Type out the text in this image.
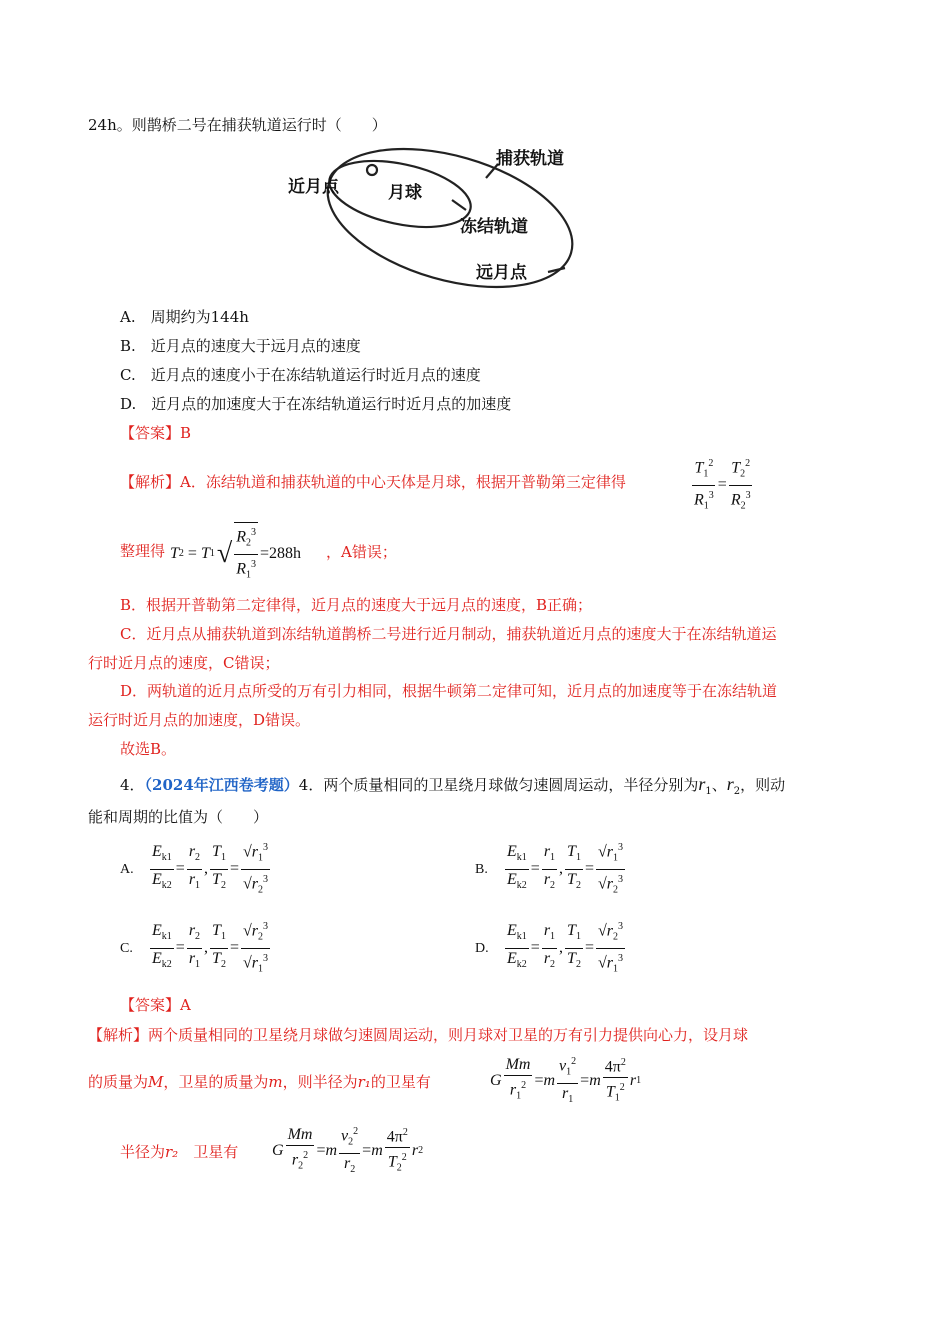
24h。则鹊桥二号在捕获轨道运行时（　　）
近月点	月球
捕获轨道
冻结轨道
远月点
A.　周期约为144h
B.　近月点的速度大于远月点的速度
C.　近月点的速度小于在冻结轨道运行时近月点的速度
D.　近月点的加速度大于在冻结轨道运行时近月点的加速度
【答案】B
【解析】A．冻结轨道和捕获轨道的中心天体是月球，根据开普勒第三定律得	$\frac{T_1^2}{R_1^3} = \frac{T_2^2}{R_2^3}$
整理得 T 2 = T 1 √ $\frac{R_2^3}{R_1^3} =288h$ ，A错误；
B．根据开普勒第二定律得，近月点的速度大于远月点的速度，B正确；
C．近月点从捕获轨道到冻结轨道鹊桥二号进行近月制动，捕获轨道近月点的速度大于在冻结轨道运
行时近月点的速度，C错误；
D．两轨道的近月点所受的万有引力相同，根据牛顿第二定律可知，近月点的加速度等于在冻结轨道
运行时近月点的加速度，D错误。
故选B。
4．（2024年江西卷考题）4．两个质量相同的卫星绕月球做匀速圆周运动，半径分别为$r_1$、$r_2$，则动
能和周期的比值为（　　）
A. $\frac{E_{k1}}{E_{k2}} = \frac{r_2}{r_1}$ , $\frac{T_1}{T_2} = \frac{√r_1^3}{√r_2^3}$	B. $\frac{E_{k1}}{E_{k2}} = \frac{r_1}{r_2}$ , $\frac{T_1}{T_2} = \frac{√r_1^3}{√r_2^3}$
C. $\frac{E_{k1}}{E_{k2}} = \frac{r_2}{r_1}$ , $\frac{T_1}{T_2} = \frac{√r_2^3}{√r_1^3}$	D. $\frac{E_{k1}}{E_{k2}} = \frac{r_1}{r_2}$ , $\frac{T_1}{T_2} = \frac{√r_2^3}{√r_1^3}$
【答案】A
【解析】两个质量相同的卫星绕月球做匀速圆周运动，则月球对卫星的万有引力提供向心力，设月球
的质量为M，卫星的质量为m，则半径为r₁的卫星有	G $\frac{Mm}{r_1^2} = m \frac{v_1^2}{r_1} = m \frac{4\pi^2}{T_1^2}$ r 1
半径为r₂　卫星有 G $\frac{Mm}{r_2^2} = m \frac{v_2^2}{r_2} = m \frac{4\pi^2}{T_2^2}$ r 2
